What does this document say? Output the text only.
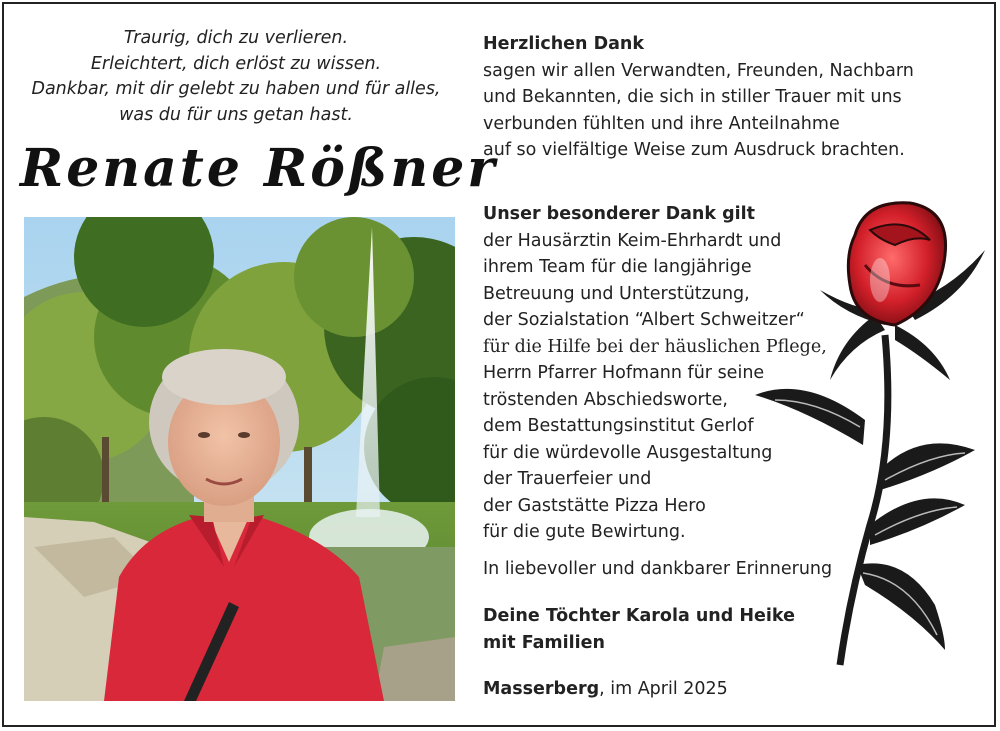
Traurig, dich zu verlieren.
Erleichtert, dich erlöst zu wissen.
Dankbar, mit dir gelebt zu haben und für alles,
was du für uns getan hast.
Renate Rößner
Herzlichen Dank
sagen wir allen Verwandten, Freunden, Nachbarn
und Bekannten, die sich in stiller Trauer mit uns
verbunden fühlten und ihre Anteilnahme
auf so vielfältige Weise zum Ausdruck brachten.
Unser besonderer Dank gilt
der Hausärztin Keim-Ehrhardt und
ihrem Team für die langjährige
Betreuung und Unterstützung,
der Sozialstation “Albert Schweitzer“
für die Hilfe bei der häuslichen Pflege,
Herrn Pfarrer Hofmann für seine
tröstenden Abschiedsworte,
dem Bestattungsinstitut Gerlof
für die würdevolle Ausgestaltung
der Trauerfeier und
der Gaststätte Pizza Hero
für die gute Bewirtung.
In liebevoller und dankbarer Erinnerung
Deine Töchter Karola und Heike
mit Familien
Masserberg, im April 2025
